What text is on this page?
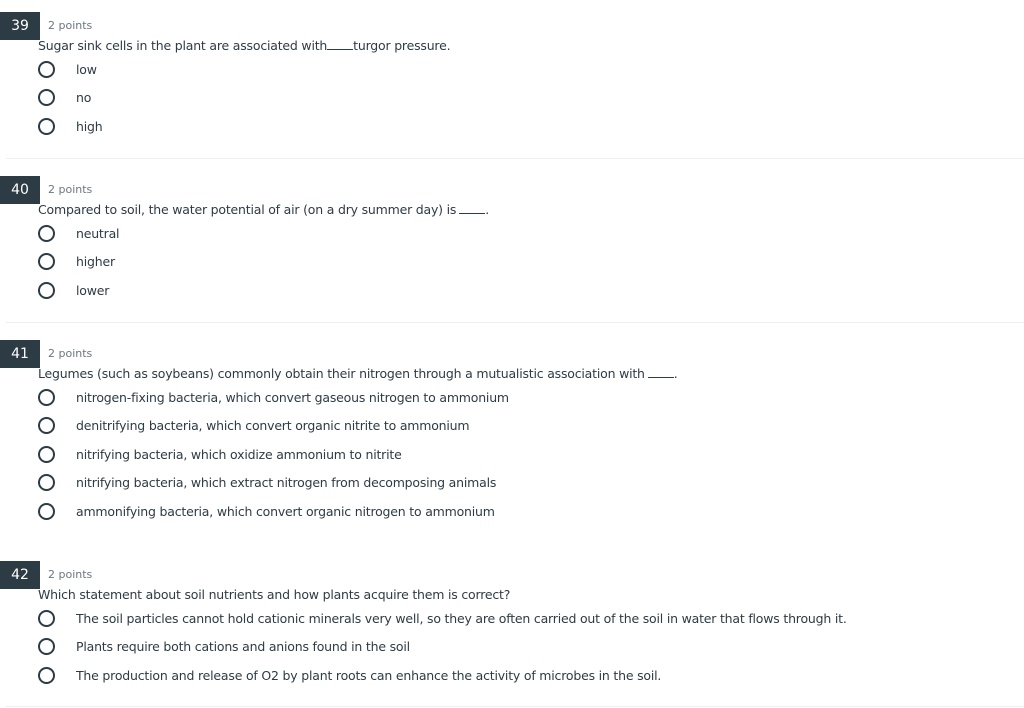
39	2 points
Sugar sink cells in the plant are associated with turgor pressure.
low
no
high
40	2 points
Compared to soil, the water potential of air (on a dry summer day) is .
neutral
higher
lower
41	2 points
Legumes (such as soybeans) commonly obtain their nitrogen through a mutualistic association with .
nitrogen-fixing bacteria, which convert gaseous nitrogen to ammonium
denitrifying bacteria, which convert organic nitrite to ammonium
nitrifying bacteria, which oxidize ammonium to nitrite
nitrifying bacteria, which extract nitrogen from decomposing animals
ammonifying bacteria, which convert organic nitrogen to ammonium
42	2 points
Which statement about soil nutrients and how plants acquire them is correct?
The soil particles cannot hold cationic minerals very well, so they are often carried out of the soil in water that flows through it.
Plants require both cations and anions found in the soil
The production and release of O2 by plant roots can enhance the activity of microbes in the soil.
